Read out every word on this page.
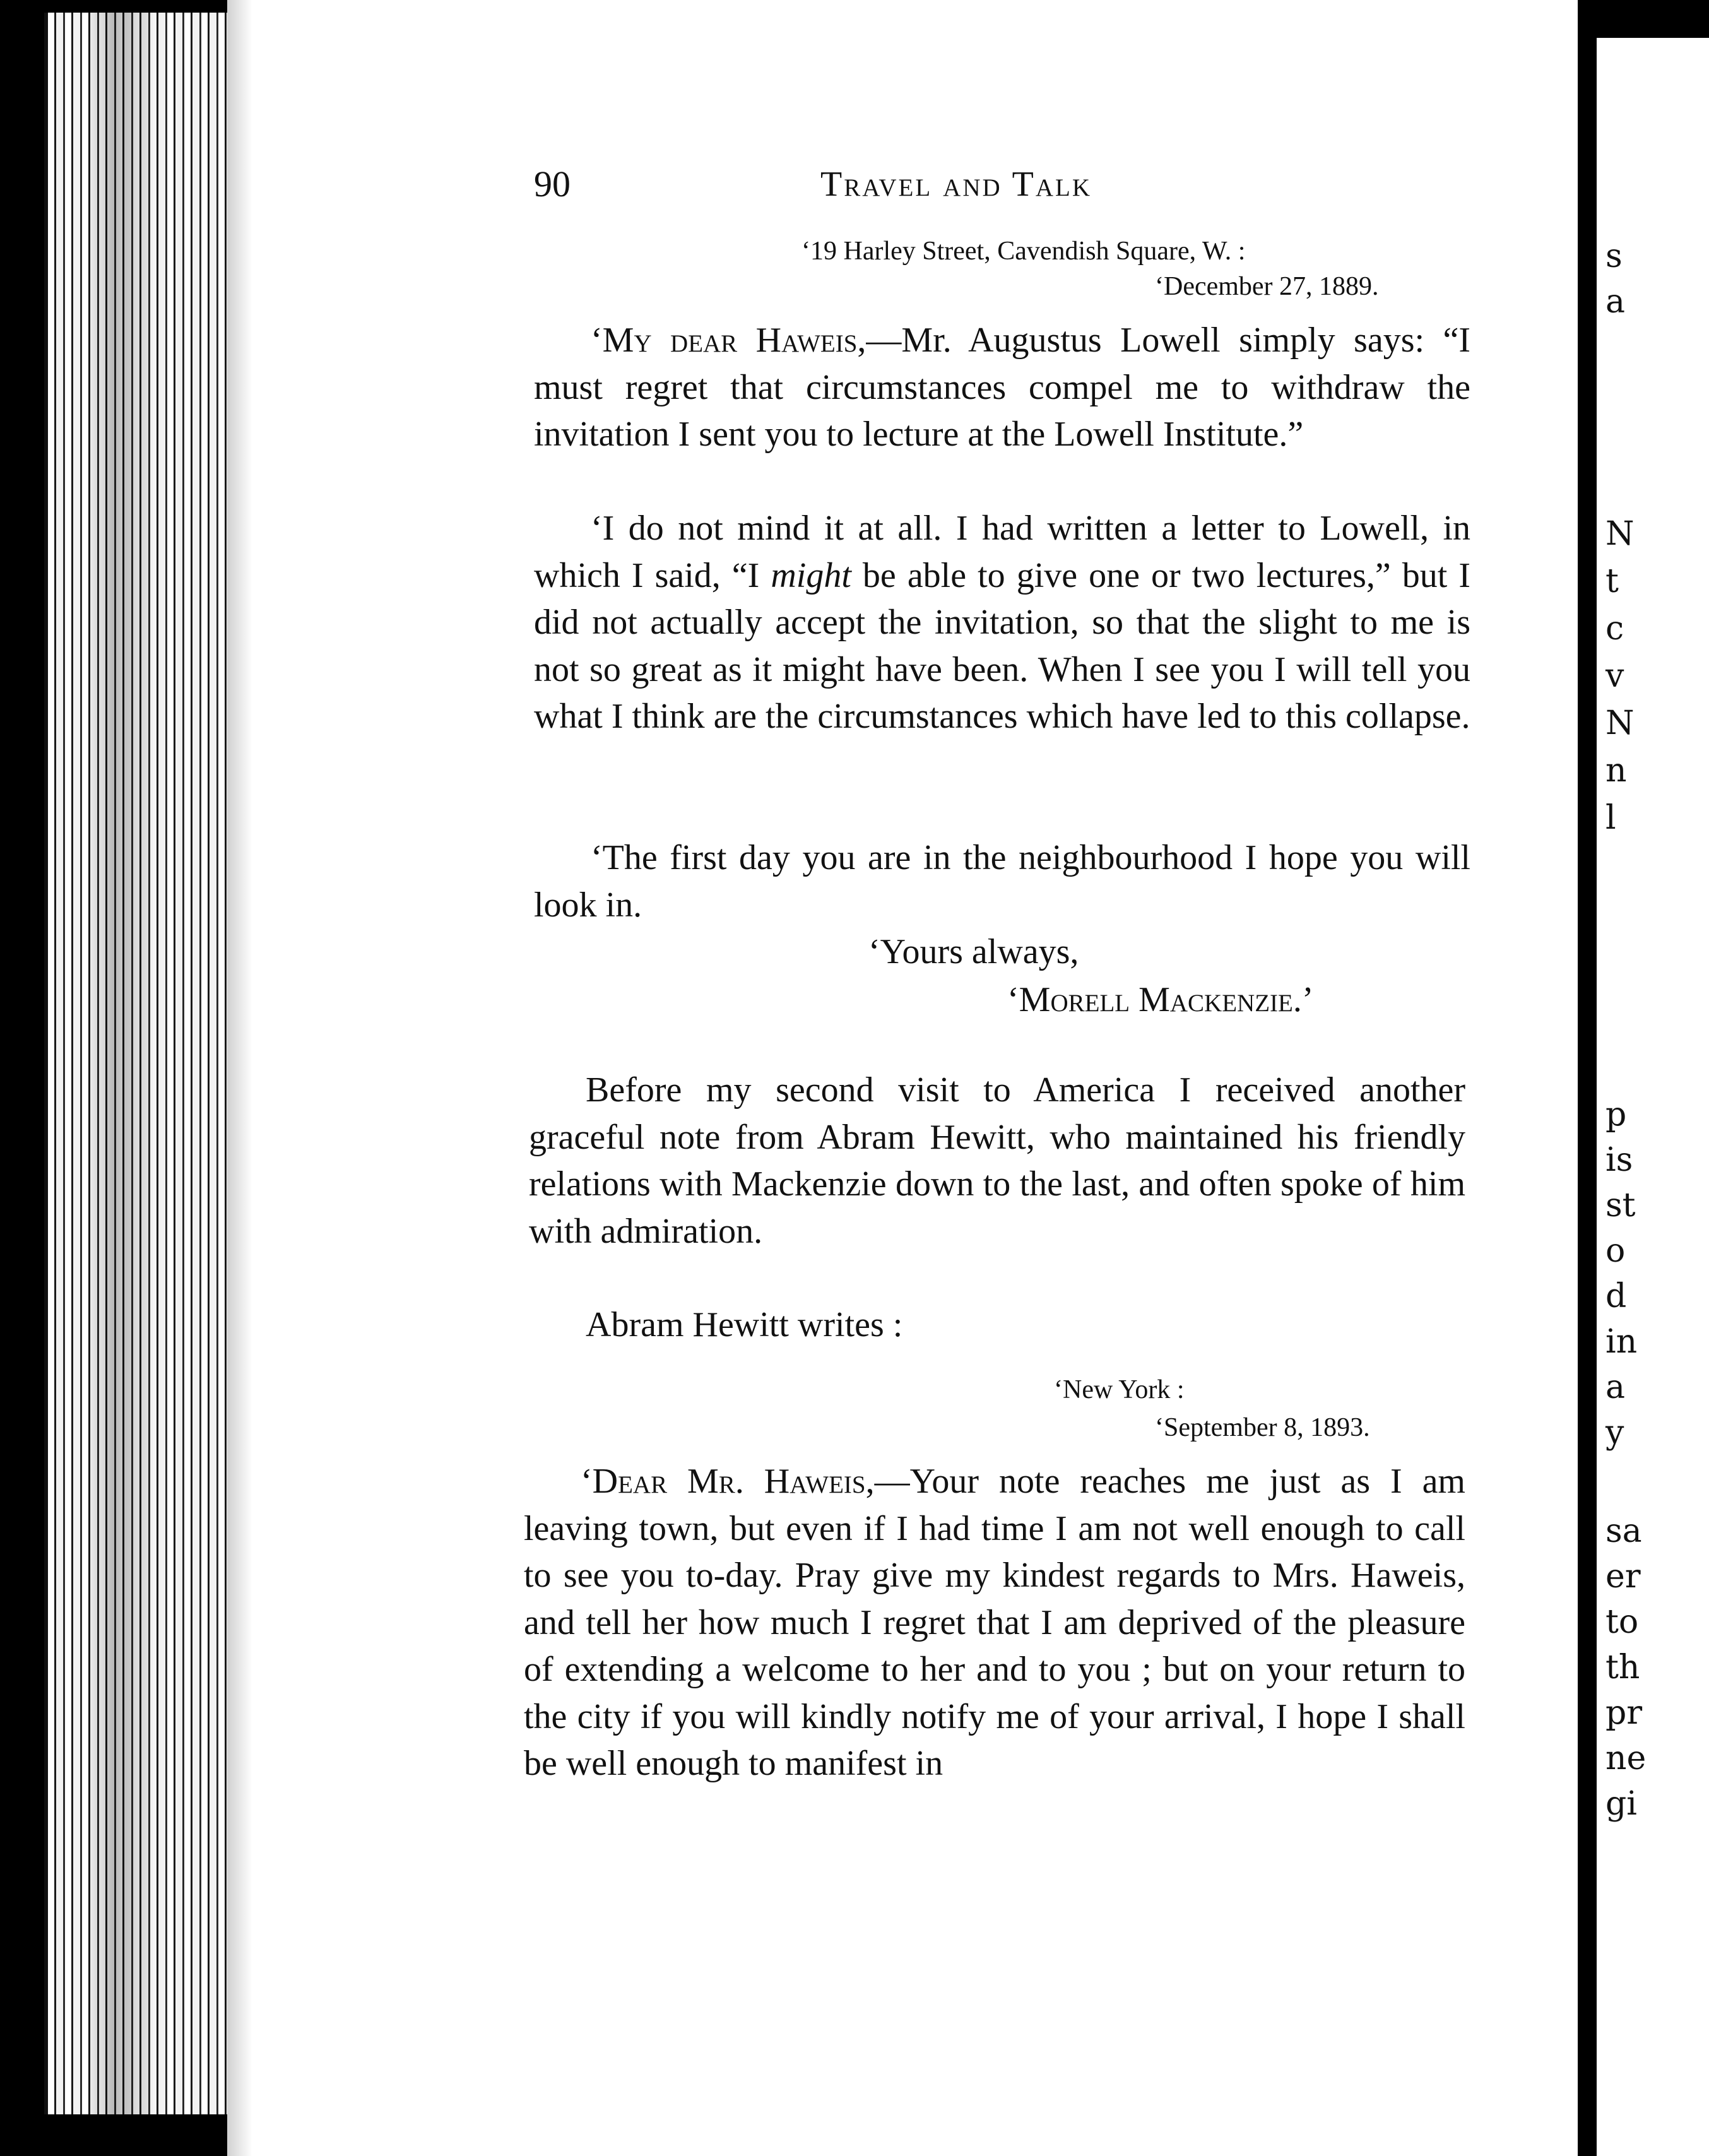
s
a
N
t
c
v
N
n
l
p
is
st
o
d
in
a
y
sa
er
to
th
pr
ne
gi
90	Travel and Talk
‘19 Harley Street, Cavendish Square, W. :
‘December 27, 1889.
‘My dear Haweis,—Mr. Augustus Lowell simply says: “I must regret that circumstances compel me to withdraw the invitation I sent you to lecture at the Lowell Institute.”
‘I do not mind it at all. I had written a letter to Lowell, in which I said, “I might be able to give one or two lectures,” but I did not actually accept the invitation, so that the slight to me is not so great as it might have been. When I see you I will tell you what I think are the circumstances which have led to this collapse.
‘The first day you are in the neighbourhood I hope you will look in.
‘Yours always,
‘Morell Mackenzie.’
Before my second visit to America I received another graceful note from Abram Hewitt, who maintained his friendly relations with Mackenzie down to the last, and often spoke of him with admiration.
Abram Hewitt writes :
‘New York :
‘September 8, 1893.
‘Dear Mr. Haweis,—Your note reaches me just as I am leaving town, but even if I had time I am not well enough to call to see you to-day. Pray give my kindest regards to Mrs. Haweis, and tell her how much I regret that I am deprived of the pleasure of extending a welcome to her and to you ; but on your return to the city if you will kindly notify me of your arrival, I hope I shall be well enough to manifest in
